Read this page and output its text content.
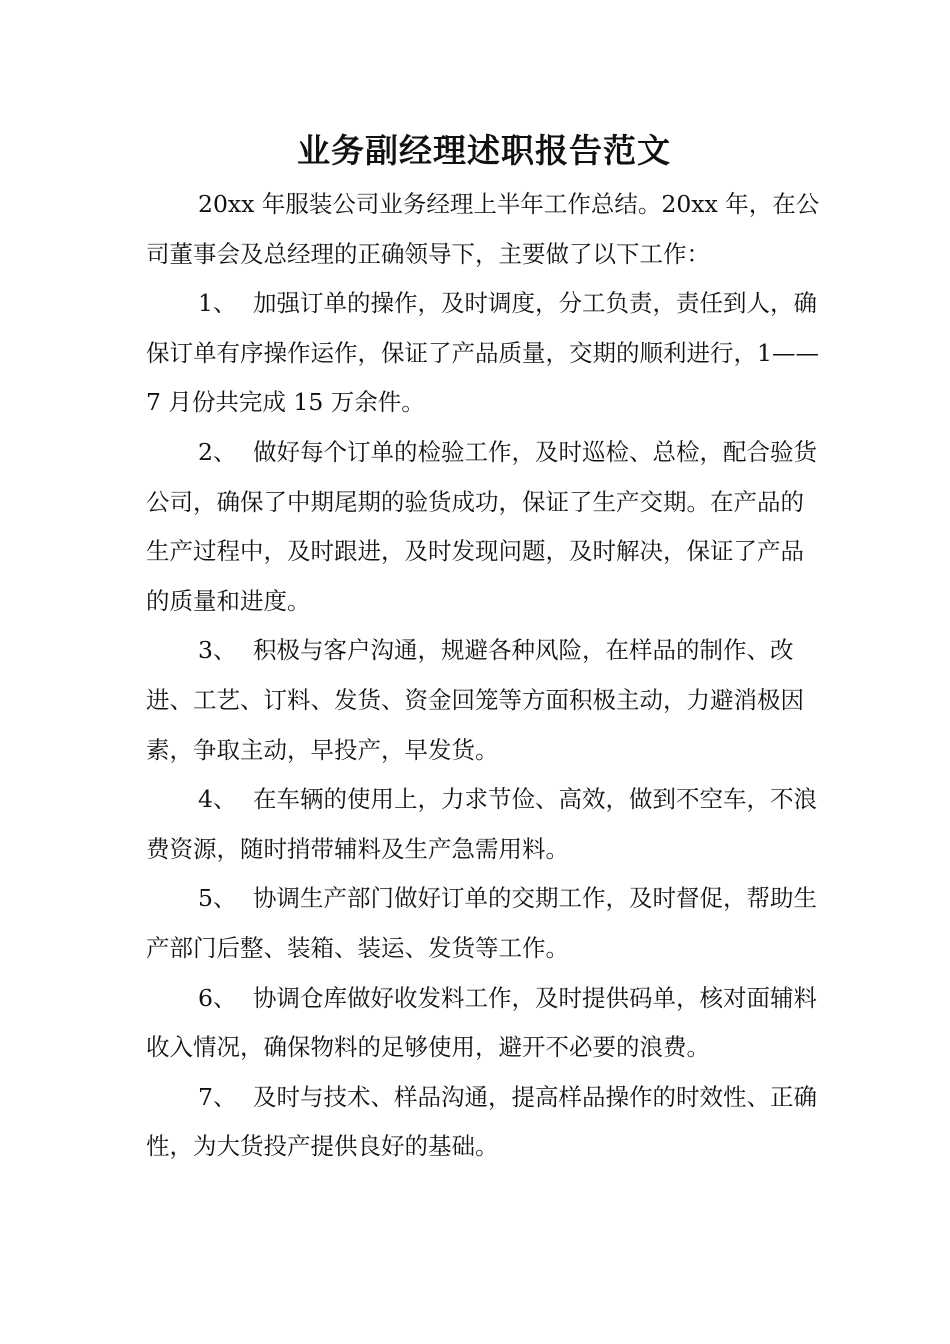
业务副经理述职报告范文

20xx 年服装公司业务经理上半年工作总结。20xx 年，在公司董事会及总经理的正确领导下，主要做了以下工作：

1、 加强订单的操作，及时调度，分工负责，责任到人，确保订单有序操作运作，保证了产品质量，交期的顺利进行，1——7 月份共完成 15 万余件。

2、 做好每个订单的检验工作，及时巡检、总检，配合验货公司，确保了中期尾期的验货成功，保证了生产交期。在产品的生产过程中，及时跟进，及时发现问题，及时解决，保证了产品的质量和进度。

3、 积极与客户沟通，规避各种风险，在样品的制作、改进、工艺、订料、发货、资金回笼等方面积极主动，力避消极因素，争取主动，早投产，早发货。

4、 在车辆的使用上，力求节俭、高效，做到不空车，不浪费资源，随时捎带辅料及生产急需用料。

5、 协调生产部门做好订单的交期工作，及时督促，帮助生产部门后整、装箱、装运、发货等工作。

6、 协调仓库做好收发料工作，及时提供码单，核对面辅料收入情况，确保物料的足够使用，避开不必要的浪费。

7、 及时与技术、样品沟通，提高样品操作的时效性、正确性，为大货投产提供良好的基础。
